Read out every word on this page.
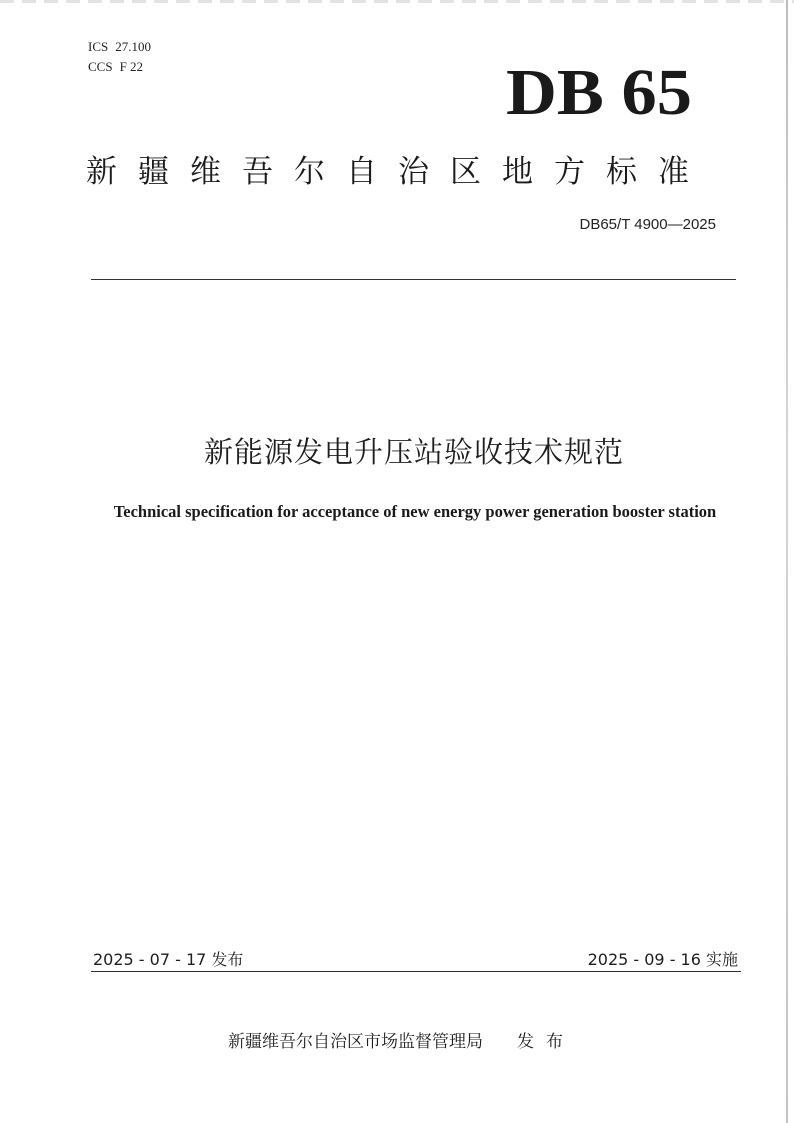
ICS 27.100
CCS F 22	DB 65
新疆维吾尔自治区地方标准
DB65/T 4900—2025
新能源发电升压站验收技术规范
Technical specification for acceptance of new energy power generation booster station
2025 - 07 - 17 发布	2025 - 09 - 16 实施
新疆维吾尔自治区市场监督管理局 发布
